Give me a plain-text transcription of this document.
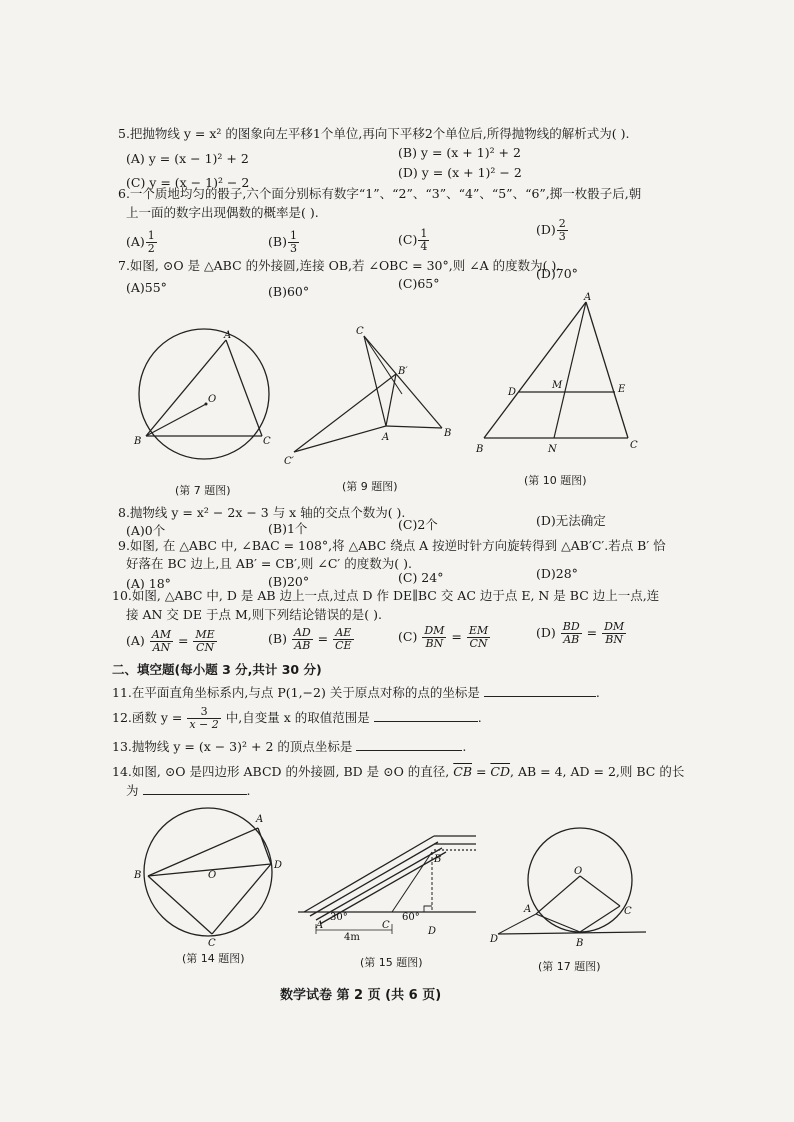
5.把抛物线 y = x² 的图象向左平移1个单位,再向下平移2个单位后,所得抛物线的解析式为( ).
(A) y = (x − 1)² + 2	(B) y = (x + 1)² + 2
(C) y = (x − 1)² − 2
(D) y = (x + 1)² − 2
6.一个质地均匀的骰子,六个面分别标有数字“1”、“2”、“3”、“4”、“5”、“6”,掷一枚骰子后,朝
上一面的数字出现偶数的概率是( ).
$(A) \frac{1}{2}$	$(B) \frac{1}{3}$	$(C) \frac{1}{4}$	$(D) \frac{2}{3}$
7.如图, ⊙O 是 △ABC 的外接圆,连接 OB,若 ∠OBC = 30°,则 ∠A 的度数为( ).
(A)55°	(B)60°
(C)65°
(D)70°
A
B	C
O
(第 7 题图)
C
B′
A	B
C′
(第 9 题图)
A
D
M	E
B	N	C
(第 10 题图)
8.抛物线 y = x² − 2x − 3 与 x 轴的交点个数为( ).
(A)0个	(B)1个	(C)2个	(D)无法确定
9.如图, 在 △ABC 中, ∠BAC = 108°,将 △ABC 绕点 A 按逆时针方向旋转得到 △AB′C′.若点 B′ 恰
好落在 BC 边上,且 AB′ = CB′,则 ∠C′ 的度数为( ).
(A) 18°	(B)20°	(C) 24°	(D)28°
10.如图, △ABC 中, D 是 AB 边上一点,过点 D 作 DE∥BC 交 AC 边于点 E, N 是 BC 边上一点,连
接 AN 交 DE 于点 M,则下列结论错误的是( ).
$(A) \frac{AM}{AN} = \frac{ME}{CN}$	$(B) \frac{AD}{AB} = \frac{AE}{CE}$	$(C) \frac{DM}{BN} = \frac{EM}{CN}$	$(D) \frac{BD}{AB} = \frac{DM}{BN}$
二、填空题(每小题 3 分,共计 30 分)
11.在平面直角坐标系内,与点 P(1,−2) 关于原点对称的点的坐标是	.
12.函数 $y = \frac{3}{x - 2}$ 中,自变量 x 的取值范围是	.
13.抛物线 y = (x − 3)² + 2 的顶点坐标是	.
14.如图, ⊙O 是四边形 ABCD 的外接圆, BD 是 ⊙O 的直径, $\overline{CB} = \overline{CD}$, AB = 4, AD = 2,则 BC 的长
为	.
A
B
D
O
C
(第 14 题图)
B
30°	60°
A	C
D
4m
(第 15 题图)
O
A	C
D	B
(第 17 题图)
数学试卷 第 2 页 (共 6 页)
